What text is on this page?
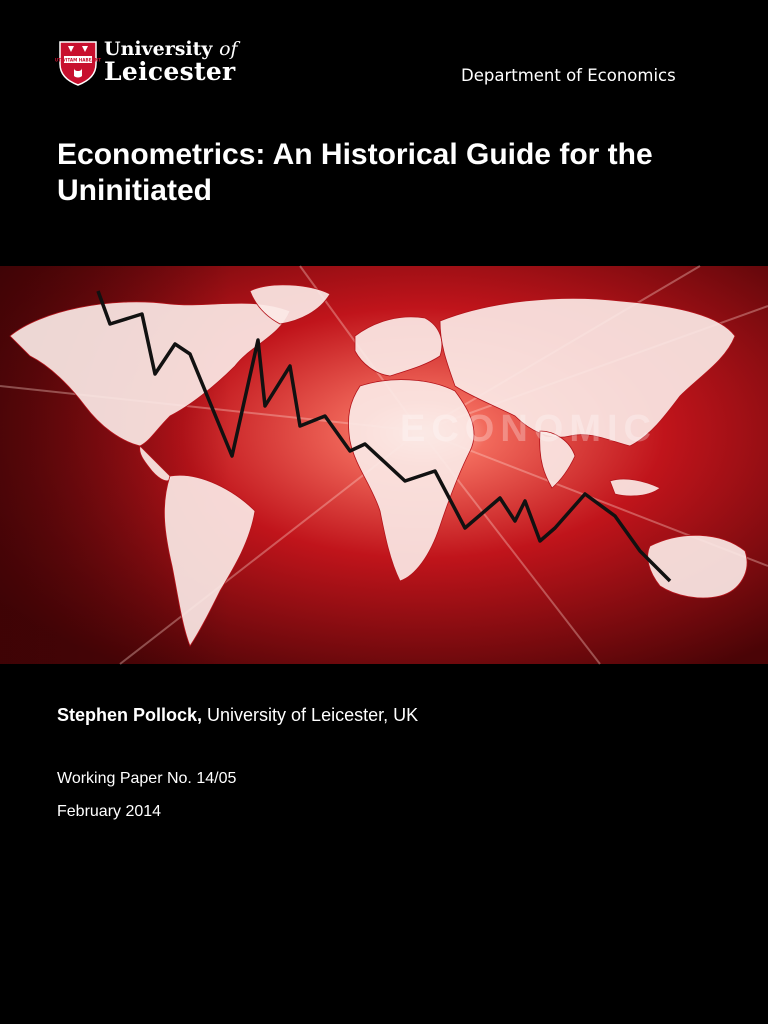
UT VITAM HABEANT University of
Leicester	Department of Economics
Econometrics: An Historical Guide for the Uninitiated
ECONOMIC
Stephen Pollock, University of Leicester, UK
Working Paper No. 14/05
February 2014
